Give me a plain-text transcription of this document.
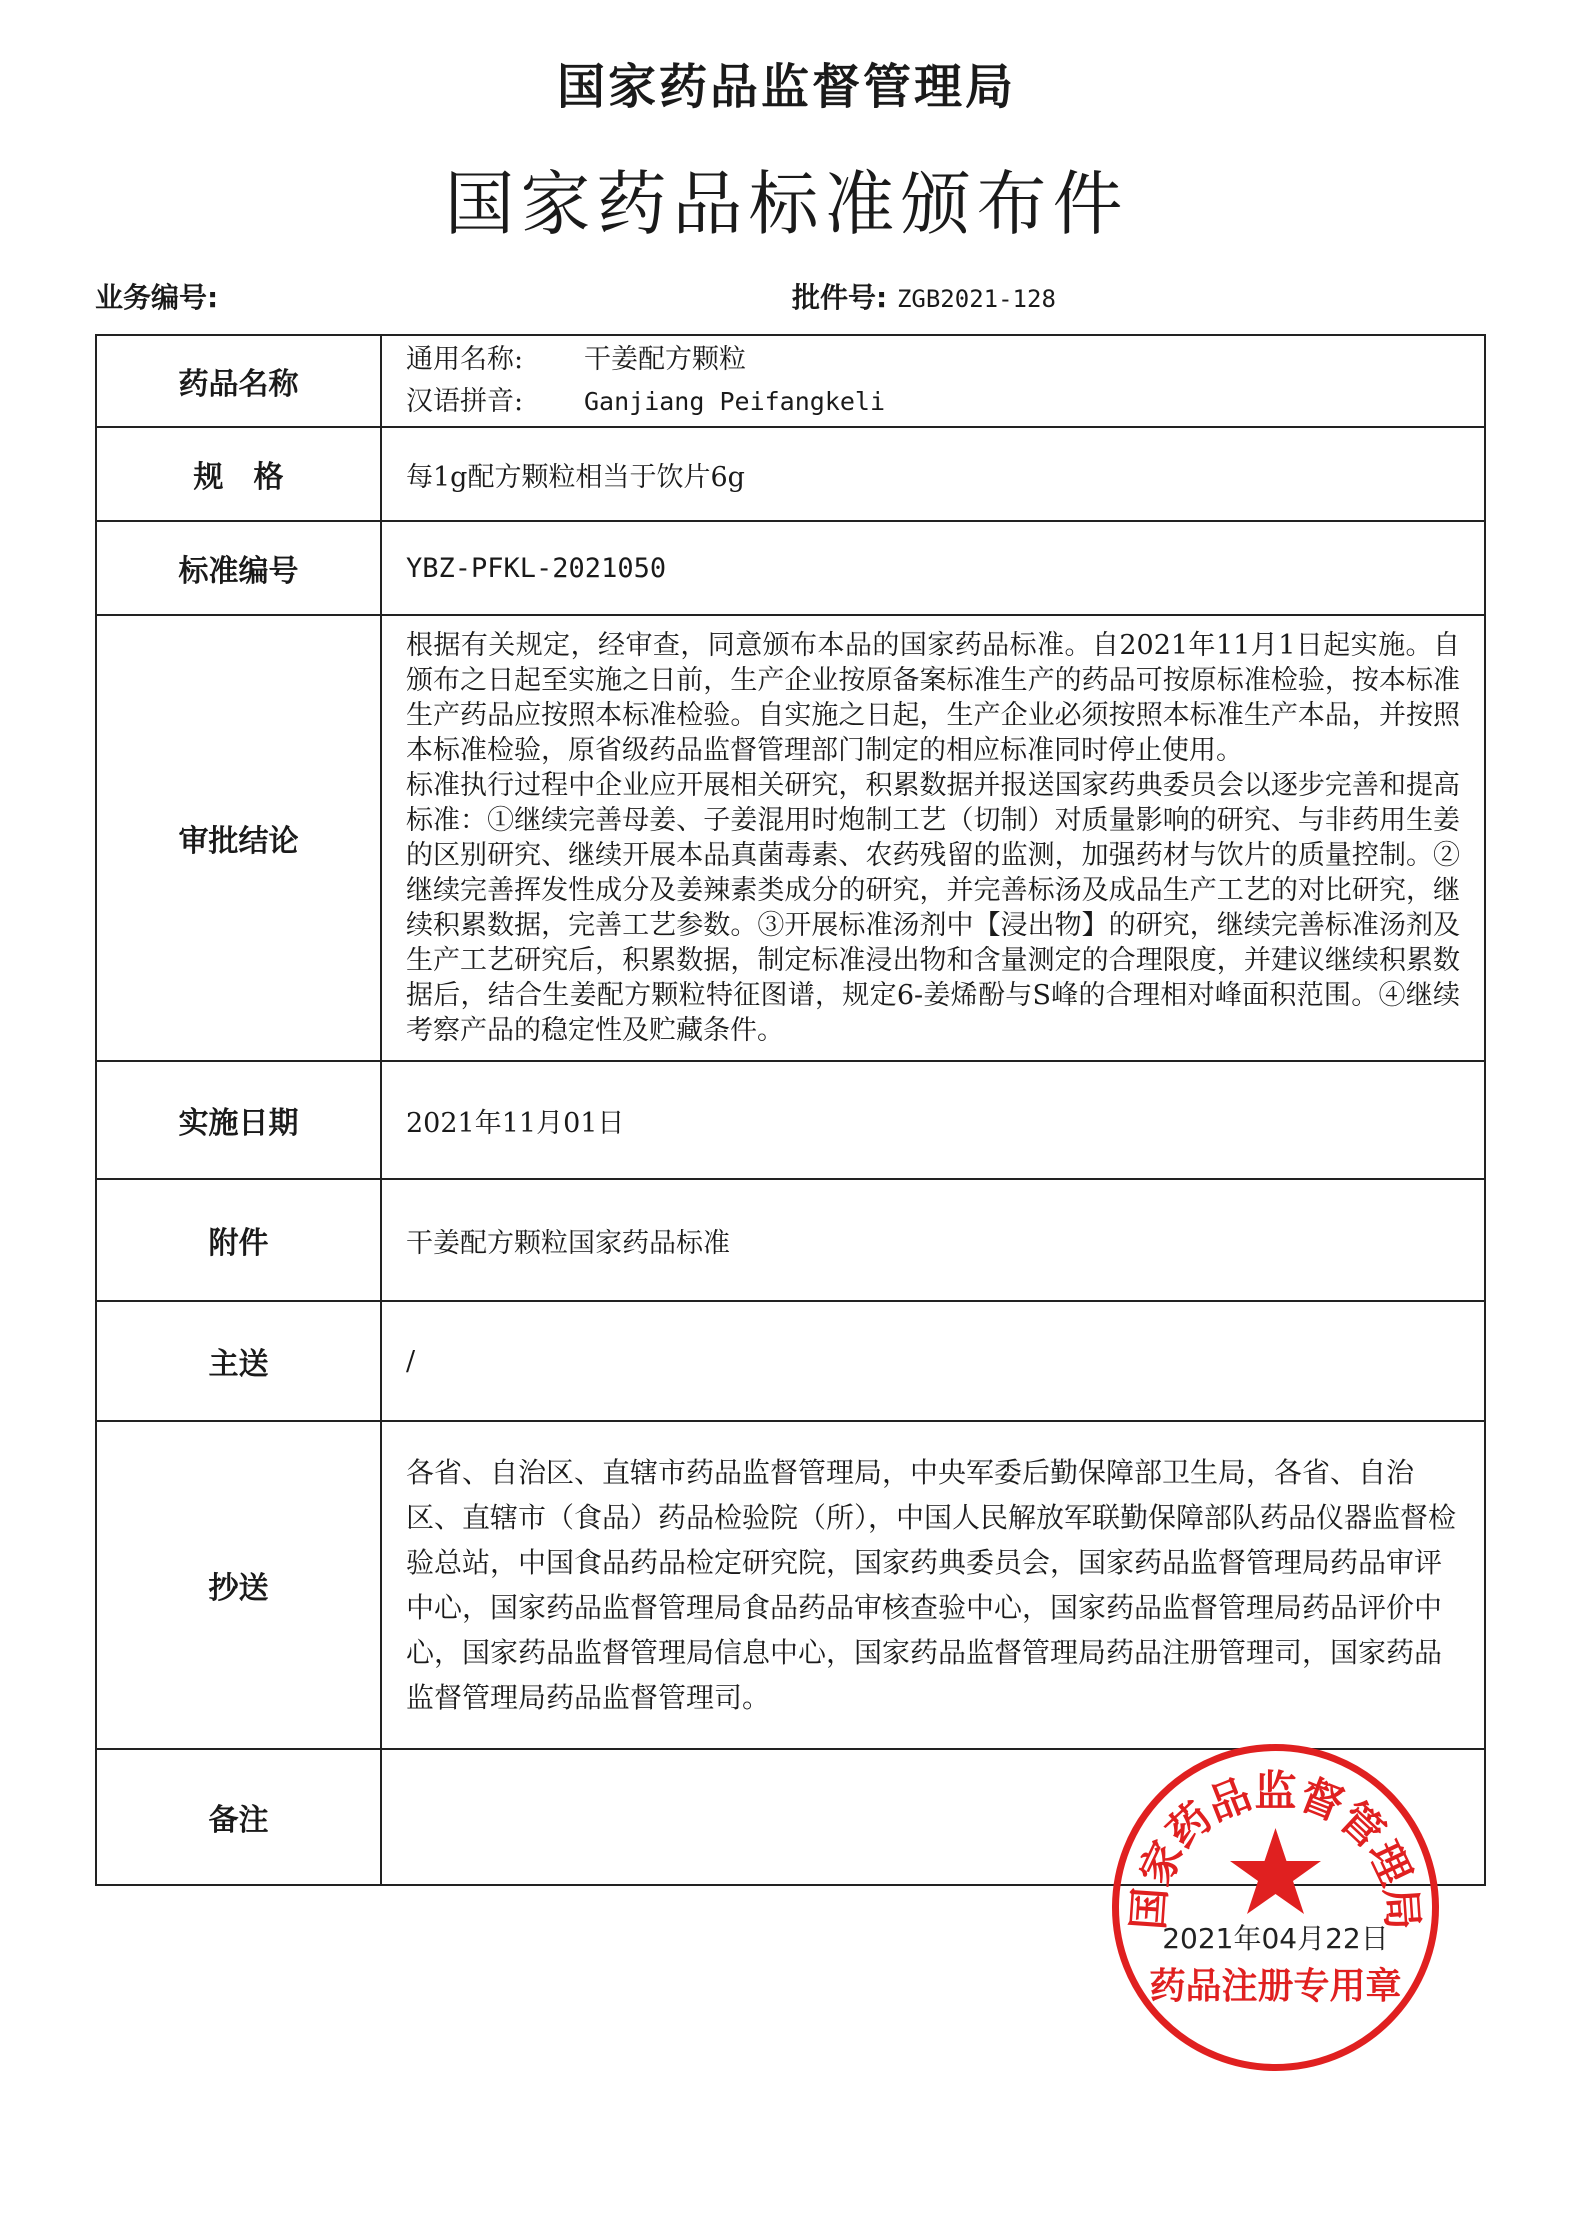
国家药品监督管理局
国家药品标准颁布件
业务编号:	批件号: ZGB2021-128
药品名称	通用名称: 干姜配方颗粒
汉语拼音: Ganjiang Peifangkeli

规　格	每1g配方颗粒相当于饮片6g
标准编号	YBZ-PFKL-2021050
审批结论	根据有关规定，经审查，同意颁布本品的国家药品标准。自2021年11月1日起实施。自颁布之日起至实施之日前，生产企业按原备案标准生产的药品可按原标准检验，按本标准生产药品应按照本标准检验。自实施之日起，生产企业必须按照本标准生产本品，并按照本标准检验，原省级药品监督管理部门制定的相应标准同时停止使用。

标准执行过程中企业应开展相关研究，积累数据并报送国家药典委员会以逐步完善和提高标准：①继续完善母姜、子姜混用时炮制工艺（切制）对质量影响的研究、与非药用生姜的区别研究、继续开展本品真菌毒素、农药残留的监测，加强药材与饮片的质量控制。②继续完善挥发性成分及姜辣素类成分的研究，并完善标汤及成品生产工艺的对比研究，继续积累数据，完善工艺参数。③开展标准汤剂中【浸出物】的研究，继续完善标准汤剂及生产工艺研究后，积累数据，制定标准浸出物和含量测定的合理限度，并建议继续积累数据后，结合生姜配方颗粒特征图谱，规定6-姜烯酚与S峰的合理相对峰面积范围。④继续考察产品的稳定性及贮藏条件。

实施日期	2021年11月01日
附件	干姜配方颗粒国家药品标准
主送	/
抄送	各省、自治区、直辖市药品监督管理局，中央军委后勤保障部卫生局，各省、自治区、直辖市（食品）药品检验院（所），中国人民解放军联勤保障部队药品仪器监督检验总站，中国食品药品检定研究院，国家药典委员会，国家药品监督管理局药品审评中心，国家药品监督管理局食品药品审核查验中心，国家药品监督管理局药品评价中心，国家药品监督管理局信息中心，国家药品监督管理局药品注册管理司，国家药品监督管理局药品监督管理司。

备注	
国家药品监督管理局
2021年04月22日
药品注册专用章
